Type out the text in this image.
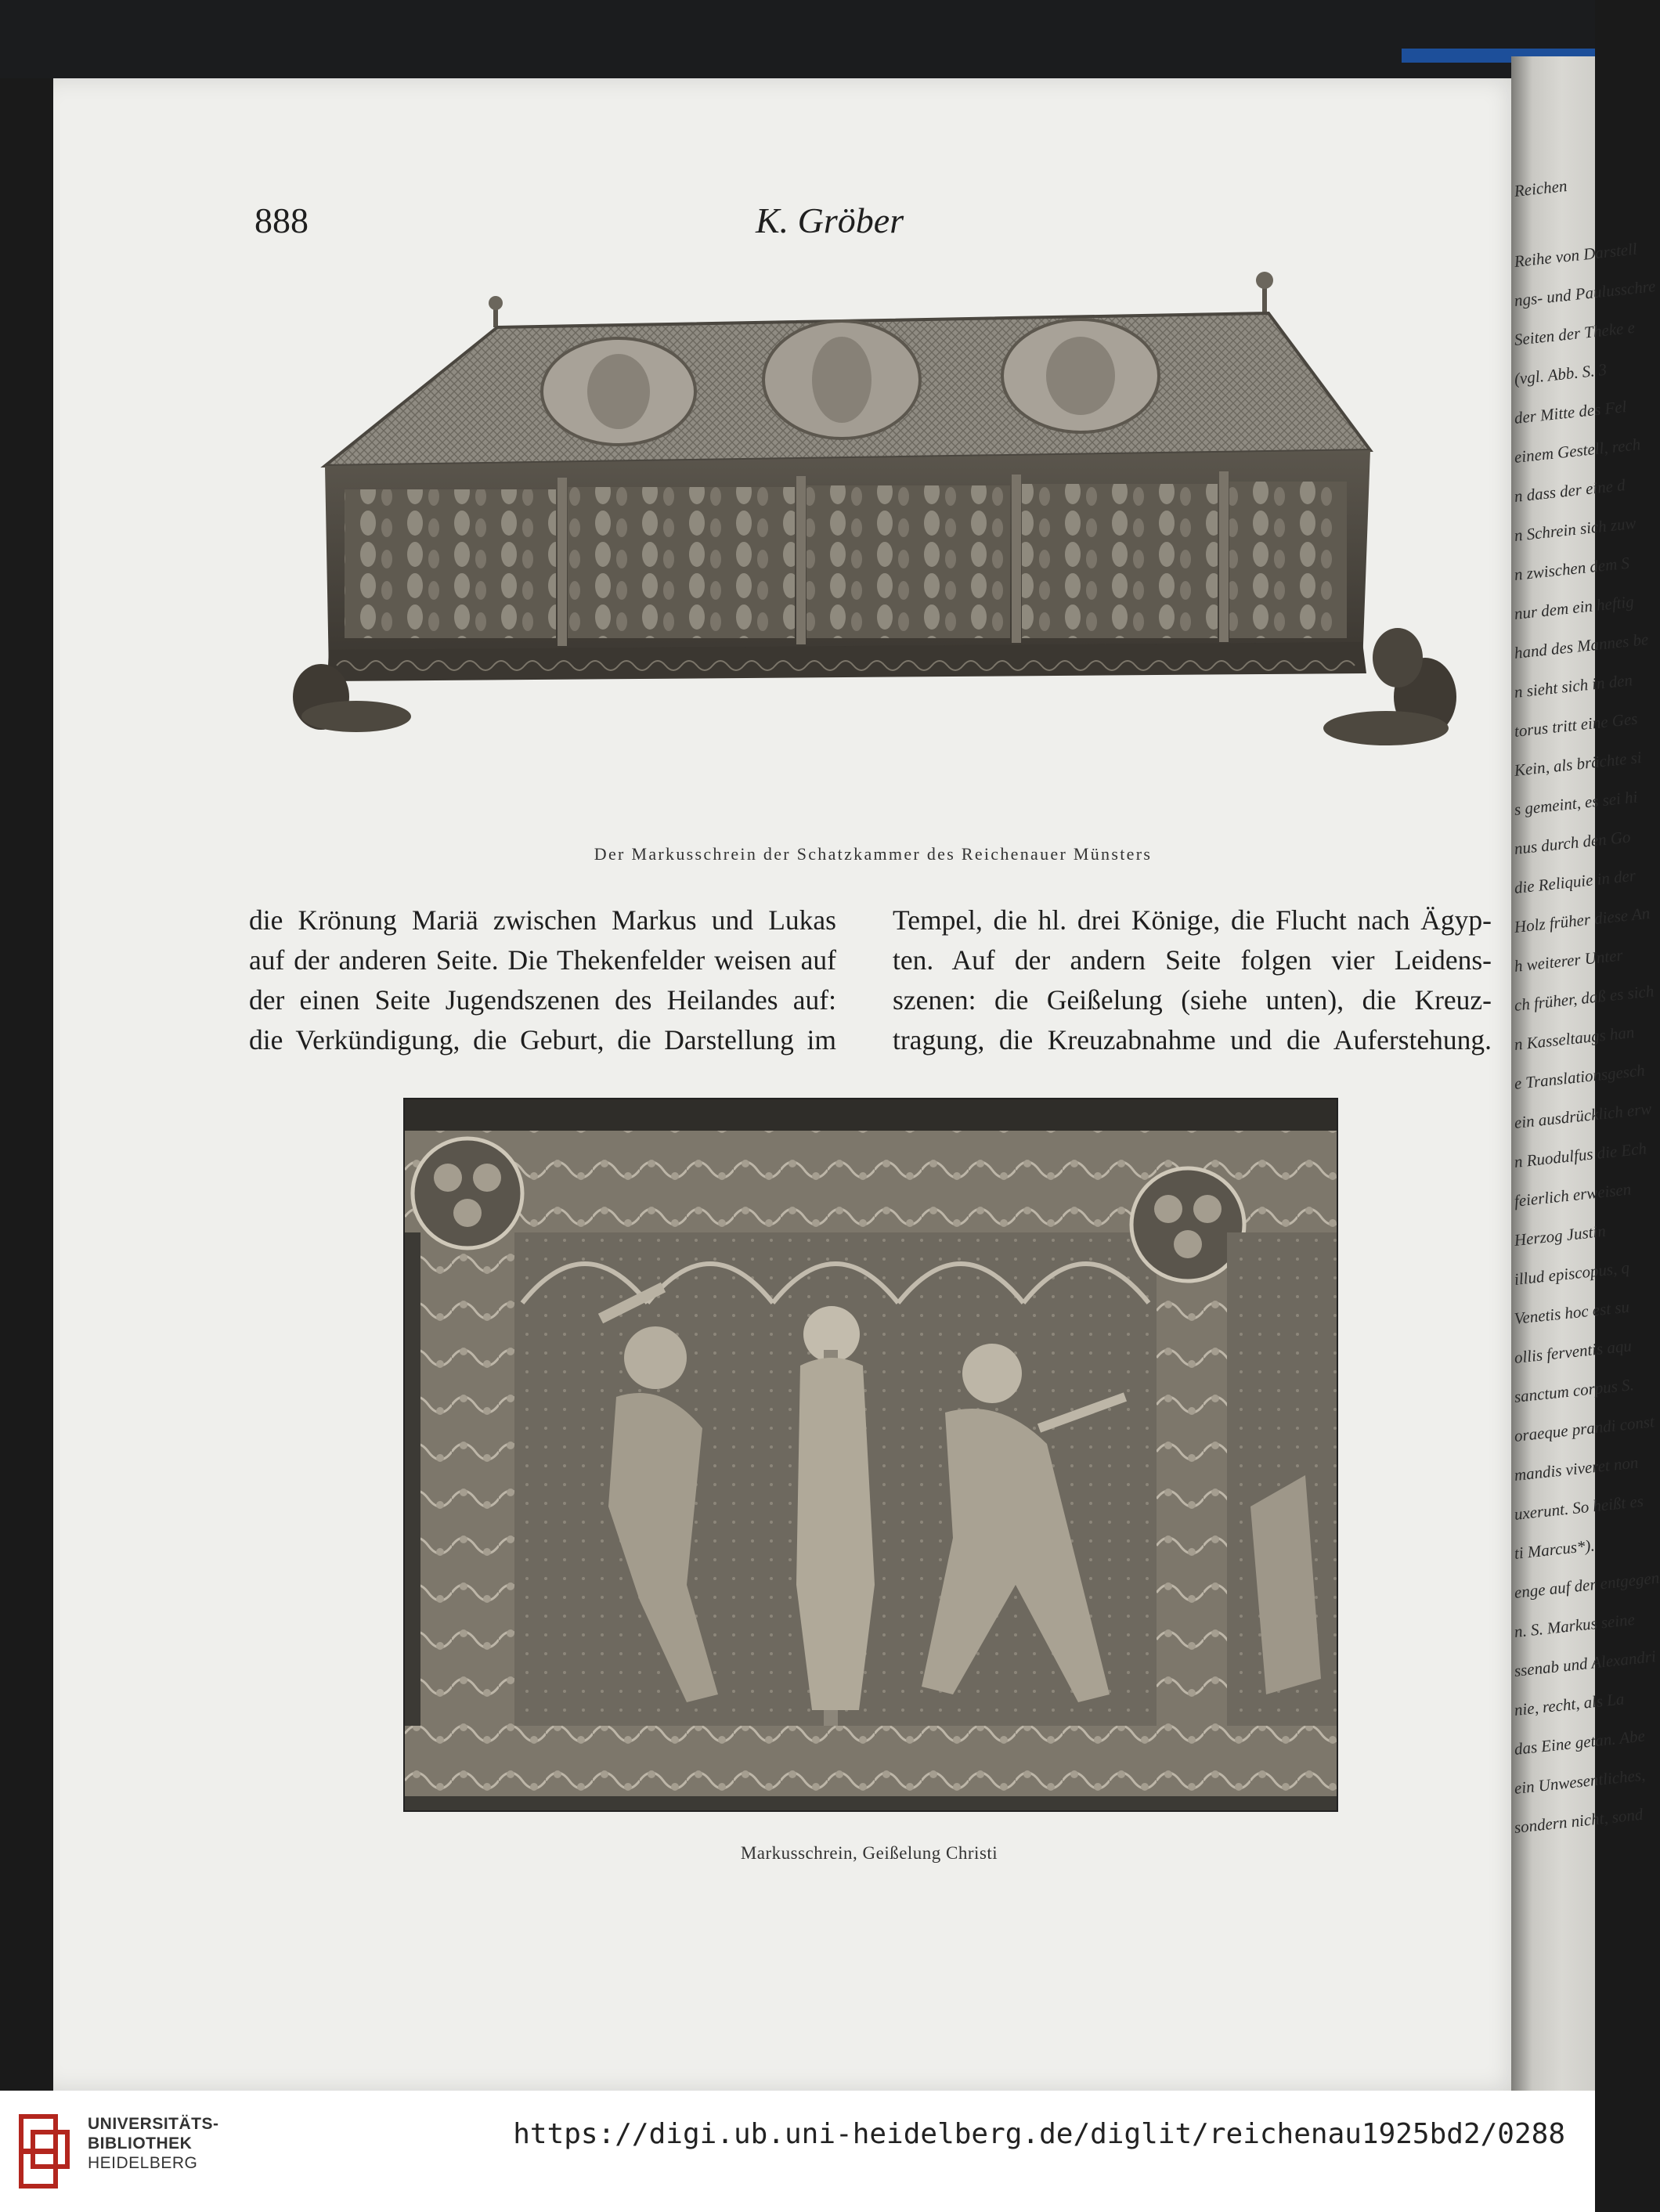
Reichen
Reihe von Darstell
ngs- und Paulusschre
Seiten der Theke e
(vgl. Abb. S. 3
der Mitte des Fel
einem Gestell, rech
n dass der eine d
n Schrein sich zuw
n zwischen dem S
nur dem ein heftig
hand des Mannes be
n sieht sich in den
torus tritt eine Ges
Kein, als brächte si
s gemeint, es sei hi
nus durch den Go
die Reliquie in der
Holz früher diese An
h weiterer Unter
ch früher, daß es sich
n Kasseltaugs han
e Translationsgesch
ein ausdrücklich erw
n Ruodulfus die Ech
feierlich erweisen
Herzog Justin
illud episcopus, q
Venetis hoc est su
ollis ferventis aqu
sanctum corpus S.
oraeque prandi const
mandis viveret non
uxerunt. So heißt es
ti Marcus*).
enge auf der entgegen
n. S. Markus seine
ssenab und Alexandri
nie, recht, als La
das Eine getan. Abe
ein Unwesentliches,
sondern nicht, sond
888	K. Gröber
Der Markusschrein der Schatzkammer des Reichenauer Münsters
die Krönung Mariä zwischen Markus und Lukas
auf der anderen Seite. Die Thekenfelder weisen auf
der einen Seite Jugendszenen des Heilandes auf:
die Verkündigung, die Geburt, die Darstellung im
Tempel, die hl. drei Könige, die Flucht nach Ägyp-
ten. Auf der andern Seite folgen vier Leidens-
szenen: die Geißelung (siehe unten), die Kreuz-
tragung, die Kreuzabnahme und die Auferstehung.
Markusschrein, Geißelung Christi
UNIVERSITÄTS-
BIBLIOTHEK
HEIDELBERG
https://digi.ub.uni-heidelberg.de/diglit/reichenau1925bd2/0288
